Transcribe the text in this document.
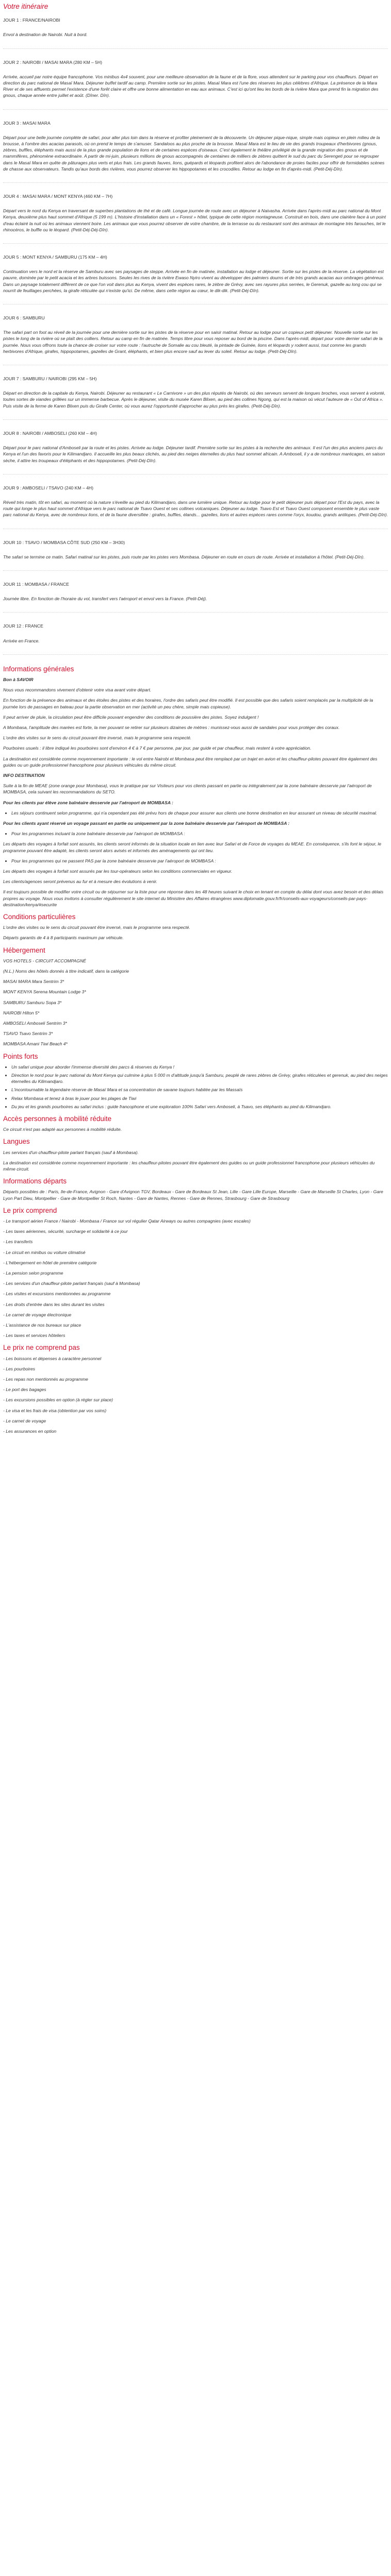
Votre itinéraire
JOUR 1 : FRANCE/NAIROBI

Envol à destination de Nairobi. Nuit à bord.

JOUR 2 : NAIROBI / MASAI MARA (280 KM – 5H)

Arrivée, accueil par notre équipe francophone. Vos minibus 4x4 souvent, pour une meilleure observation de la faune et de la flore, vous attendent sur le parking pour vos chauffeurs. Départ en direction du parc national de Masaï Mara. Déjeuner buffet tardif au camp. Première sortie sur les pistes. Masaï Mara est l'une des réserves les plus célèbres d'Afrique. La présence de la Mara River et de ses affluents permet l'existence d'une forêt claire et offre une bonne alimentation en eau aux animaux. C'est ici qu'ont lieu les bords de la rivière Mara que prend fin la migration des gnous, chaque année entre juillet et août. (Dîner. Dîn).

JOUR 3 : MASAI MARA

Départ pour une belle journée complète de safari, pour aller plus loin dans la réserve et profiter pleinement de la découverte. Un déjeuner pique-nique, simple mais copieux en plein milieu de la brousse, à l'ombre des acacias parasols, où on prend le temps de s'amuser. Sandaloos au plus proche de la brousse. Masaï Mara est le lieu de vie des grands troupeaux d'herbivores (gnous, zèbres, buffles, éléphants mais aussi de la plus grande population de lions et de certaines espèces d'oiseaux. C'est également le théâtre privilégié de la grande migration des gnous et de mammifères, phénomène extraordinaire. A partir de mi-juin, plusieurs millions de gnous accompagnés de centaines de milliers de zèbres quittent le sud du parc du Serengeti pour se regrouper dans le Masaï Mara en quête de pâturages plus verts et plus frais. Les grands fauves, lions, guépards et léopards profitent alors de l'abondance de proies faciles pour offrir de formidables scènes de chasse aux observateurs. Tandis qu'aux bords des rivières, vous pourrez observer les hippopotames et les crocodiles. Retour au lodge en fin d'après-midi. (Petit-Déj-Dîn).

JOUR 4 : MASAI MARA / MONT KENYA (460 KM – 7H)

Départ vers le nord du Kenya en traversant de superbes plantations de thé et de café. Longue journée de route avec un déjeuner à Naivasha. Arrivée dans l'après-midi au parc national du Mont Kenya, deuxième plus haut sommet d'Afrique (5 199 m). L'histoire d'installation dans un « Forest » hôtel, typique de cette région montagneuse. Construit en bois, dans une clairière face à un point d'eau éclairé la nuit où les animaux viennent boire. Les animaux que vous pourrez observer de votre chambre, de la terrasse ou du restaurant sont des animaux de montagne très farouches, tel le rhinocéros, le buffle ou le léopard. (Petit-Déj-Déj-Dîn).

JOUR 5 : MONT KENYA / SAMBURU (175 KM – 4H)

Continuation vers le nord et la réserve de Samburu avec ses paysages de steppe. Arrivée en fin de matinée, installation au lodge et déjeuner. Sortie sur les pistes de la réserve. La végétation est pauvre, dominée par le petit acacia et les arbres buissons. Seules les rives de la rivière Ewaso Nyiro vivent au développer des palmiers doums et de très grands acacias aux ombrages généreux. Dans un paysage totalement différent de ce que l'on voit dans plus au Kenya, vivent des espèces rares, le zèbre de Grévy, avec ses rayures plus serrées, le Gerenuk, gazelle au long cou qui se nourrit de feuillages perchées, la girafe réticulée qui n'existe qu'ici. De même, dans cette région au cœur, le dik-dik. (Petit-Déj-Dîn).

JOUR 6 : SAMBURU

The safari part on foot au réveil de la journée pour une dernière sortie sur les pistes de la réserve pour en saisir matinal. Retour au lodge pour un copieux petit déjeuner. Nouvelle sortie sur les pistes le long de la rivière où se plaît des colliers. Retour au camp en fin de matinée. Temps libre pour vous reposer au bord de la piscine. Dans l'après-midi, départ pour votre dernier safari de la journée. Nous vous offrons toute la chance de croiser sur votre route : l'autruche de Somalie au cou bleuté, la pintade de Guinée, lions et léopards y rodent aussi, tout comme les grands herbivores d'Afrique, girafes, hippopotames, gazelles de Grant, éléphants, et bien plus encore sauf au lever du soleil. Retour au lodge. (Petit-Déj-Dîn).

JOUR 7 : SAMBURU / NAIROBI (295 KM – 5H)

Départ en direction de la capitale du Kenya, Nairobi. Déjeuner au restaurant « Le Carnivore » un des plus réputés de Nairobi, où des serveurs servent de longues broches, vous servent à volonté, toutes sortes de viandes grillées sur un immense barbecue. Après le déjeuner, visite du musée Karen Blixen, au pied des collines Ngong, qui est la maison où vécut l'auteure de « Out of Africa ». Puis visite de la ferme de Karen Blixen puis du Girafe Center, où vous aurez l'opportunité d'approcher au plus près les girafes. (Petit-Déj-Dîn).

JOUR 8 : NAIROBI / AMBOSELI (260 KM – 4H)

Départ pour le parc national d'Amboseli par la route et les pistes. Arrivée au lodge. Déjeuner tardif. Première sortie sur les pistes à la recherche des animaux. Il est l'un des plus anciens parcs du Kenya et l'un des favoris pour le Kilimandjaro. Il accueille les plus beaux clichés, au pied des neiges éternelles du plus haut sommet africain. A Amboseli, il y a de nombreux marécages, en saison sèche, il attire les troupeaux d'éléphants et des hippopotames. (Petit-Déj-Dîn).

JOUR 9 : AMBOSELI / TSAVO (240 KM – 4H)

Réveil très matin, tôt en safari, au moment où la nature s'éveille au pied du Kilimandjaro, dans une lumière unique. Retour au lodge pour le petit déjeuner puis départ pour l'Est du pays, avec la route qui longe le plus haut sommet d'Afrique vers le parc national de Tsavo Ouest et ses collines volcaniques. Déjeuner au lodge. Tsavo Est et Tsavo Ouest composent ensemble le plus vaste parc national du Kenya, avec de nombreux lions, et de la faune diversifiée : girafes, buffles, élands... gazelles, lions et autres espèces rares comme l'oryx, koudou, grands antilopes. (Petit-Déj-Dîn).

JOUR 10 : TSAVO / MOMBASA CÔTE SUD (250 KM – 3H30)

The safari se termine ce matin. Safari matinal sur les pistes, puis route par les pistes vers Mombasa. Déjeuner en route en cours de route. Arrivée et installation à l'hôtel. (Petit-Déj-Dîn).

JOUR 11 : MOMBASA / FRANCE

Journée libre. En fonction de l'horaire du vol, transfert vers l'aéroport et envol vers la France. (Petit-Déj).

JOUR 12 : FRANCE

Arrivée en France.

Informations générales

Bon à SAVOIR

Nous vous recommandons vivement d'obtenir votre visa avant votre départ.

En fonction de la présence des animaux et des étoiles des pistes et des horaires, l'ordre des safaris peut être modifié. Il est possible que des safaris soient remplacés par la multiplicité de la journée lors de passages en bateau pour la partie observation en mer (activité un peu chère, simple mais copieuse).

Il peut arriver de pluie, la circulation peut être difficile pouvant engendrer des conditions de poussière des pistes. Soyez indulgent !

A Mombasa, l'amplitude des marées est forte, la mer pouvant se retirer sur plusieurs dizaines de mètres : munissez-vous aussi de sandales pour vous protéger des coraux.

L'ordre des visites sur le sens du circuit pouvant être inversé, mais le programme sera respecté.

Pourboires usuels : il libre indiqué les pourboires sont d'environ 4 € à 7 € par personne, par jour, par guide et par chauffeur, mais restent à votre appréciation.

La destination est considérée comme moyennement importante : le vol entre Nairobi et Mombasa peut être remplacé par un trajet en avion et les chauffeur-pilotes pouvant être également des guides ou un guide professionnel francophone pour plusieurs véhicules du même circuit.

INFO DESTINATION

Suite à la fin de MEAE (zone orange pour Mombasa), vous le pratique par sur Visiteurs pour vos clients passant en partie ou intégralement par la zone balnéaire desservie par l'aéroport de MOMBASA, cela suivant les recommandations du SETO.

Pour les clients par élève zone balnéaire desservie par l'aéroport de MOMBASA :

• Les séjours continuent selon programme, qui n'a cependant pas été prévu hors de chaque pour assurer aux clients une bonne destination en leur assurant un niveau de sécurité maximal.

Pour les clients ayant réservé un voyage passant en partie ou uniquement par la zone balnéaire desservie par l'aéroport de MOMBASA :

• Pour les programmes incluant la zone balnéaire desservie par l'aéroport de MOMBASA :

Les départs des voyages à forfait sont assurés, les clients seront informés de la situation locale en lien avec leur Safari et de Force de voyages du MEAE. En conséquence, s'ils font le séjour, le programme pouvant être adapté, les clients seront alors avisés et informés des aménagements qui ont lieu.

• Pour les programmes qui ne passent PAS par la zone balnéaire desservie par l'aéroport de MOMBASA :

Les départs des voyages à forfait sont assurés par les tour-opérateurs selon les conditions commerciales en vigueur.

Les clients/agences seront prévenus au fur et à mesure des évolutions à venir.

Il est toujours possible de modifier votre circuit ou de séjourner sur la liste pour une réponse dans les 48 heures suivant le choix en tenant en compte du délai dont vous avez besoin et des délais propres au voyage. Nous vous invitons à consulter régulièrement le site internet du Ministère des Affaires étrangères www.diplomatie.gouv.fr/fr/conseils-aux-voyageurs/conseils-par-pays-destination/kenya/#securite

Conditions particulières

L'ordre des visites ou le sens du circuit pouvant être inversé, mais le programme sera respecté.

Départs garantis de 4 à 8 participants maximum par véhicule.

Hébergement

VOS HOTELS - CIRCUIT ACCOMPAGNÉ

(N.L.) Noms des hôtels donnés à titre indicatif, dans la catégorie

MASAI MARA Mara Sentrim 3*

MONT KENYA Serena Mountain Lodge 3*

SAMBURU Samburu Sopa 3*

NAIROBI Hilton 5*

AMBOSELI Amboseli Sentrim 3*

TSAVO Tsavo Sentrim 3*

MOMBASA Amani Tiwi Beach 4*

Points forts
• Un safari unique pour aborder l'immense diversité des parcs & réserves du Kenya !
• Direction le nord pour le parc national du Mont Kenya qui culmine à plus 5 000 m d'altitude jusqu'à Samburu, peuplé de rares zèbres de Grévy, girafes réticulées et gerenuk, au pied des neiges éternelles du Kilimandjaro.
• L'incontournable la légendaire réserve de Masaï Mara et sa concentration de savane toujours habitée par les Massaïs
• Relax Mombasa et tenez à bras le jouer pour les plages de Tiwi
• Du jeu et les grands pourboires au safari inclus : guide francophone et une exploration 100% Safari vers Amboseli, à Tsavo, ses éléphants au pied du Kilimandjaro.
Accès personnes à mobilité réduite

Ce circuit n'est pas adapté aux personnes à mobilité réduite.

Langues

Les services d'un chauffeur-pilote parlant français (sauf à Mombasa).

La destination est considérée comme moyennement importante : les chauffeur-pilotes pouvant être également des guides ou un guide professionnel francophone pour plusieurs véhicules du même circuit.

Informations départs

Départs possibles de : Paris, Ile-de-France, Avignon - Gare d'Avignon TGV, Bordeaux - Gare de Bordeaux St Jean, Lille - Gare Lille Europe, Marseille - Gare de Marseille St Charles, Lyon - Gare Lyon Part Dieu, Montpellier - Gare de Montpellier St Roch, Nantes - Gare de Nantes, Rennes - Gare de Rennes, Strasbourg - Gare de Strasbourg

Le prix comprend

- Le transport aérien France / Nairobi - Mombasa / France sur vol régulier Qatar Airways ou autres compagnies (avec escales)

- Les taxes aériennes, sécurité, surcharge et solidarité à ce jour

- Les transferts

- Le circuit en minibus ou voiture climatisé

- L'hébergement en hôtel de première catégorie

- La pension selon programme

- Les services d'un chauffeur-pilote parlant français (sauf à Mombasa)

- Les visites et excursions mentionnées au programme

- Les droits d'entrée dans les sites durant les visites

- Le carnet de voyage électronique

- L'assistance de nos bureaux sur place

- Les taxes et services hôteliers

Le prix ne comprend pas

- Les boissons et dépenses à caractère personnel

- Les pourboires

- Les repas non mentionnés au programme

- Le port des bagages

- Les excursions possibles en option (à régler sur place)

- Le visa et les frais de visa (obtention par vos soins)

- Le carnet de voyage

- Les assurances en option
